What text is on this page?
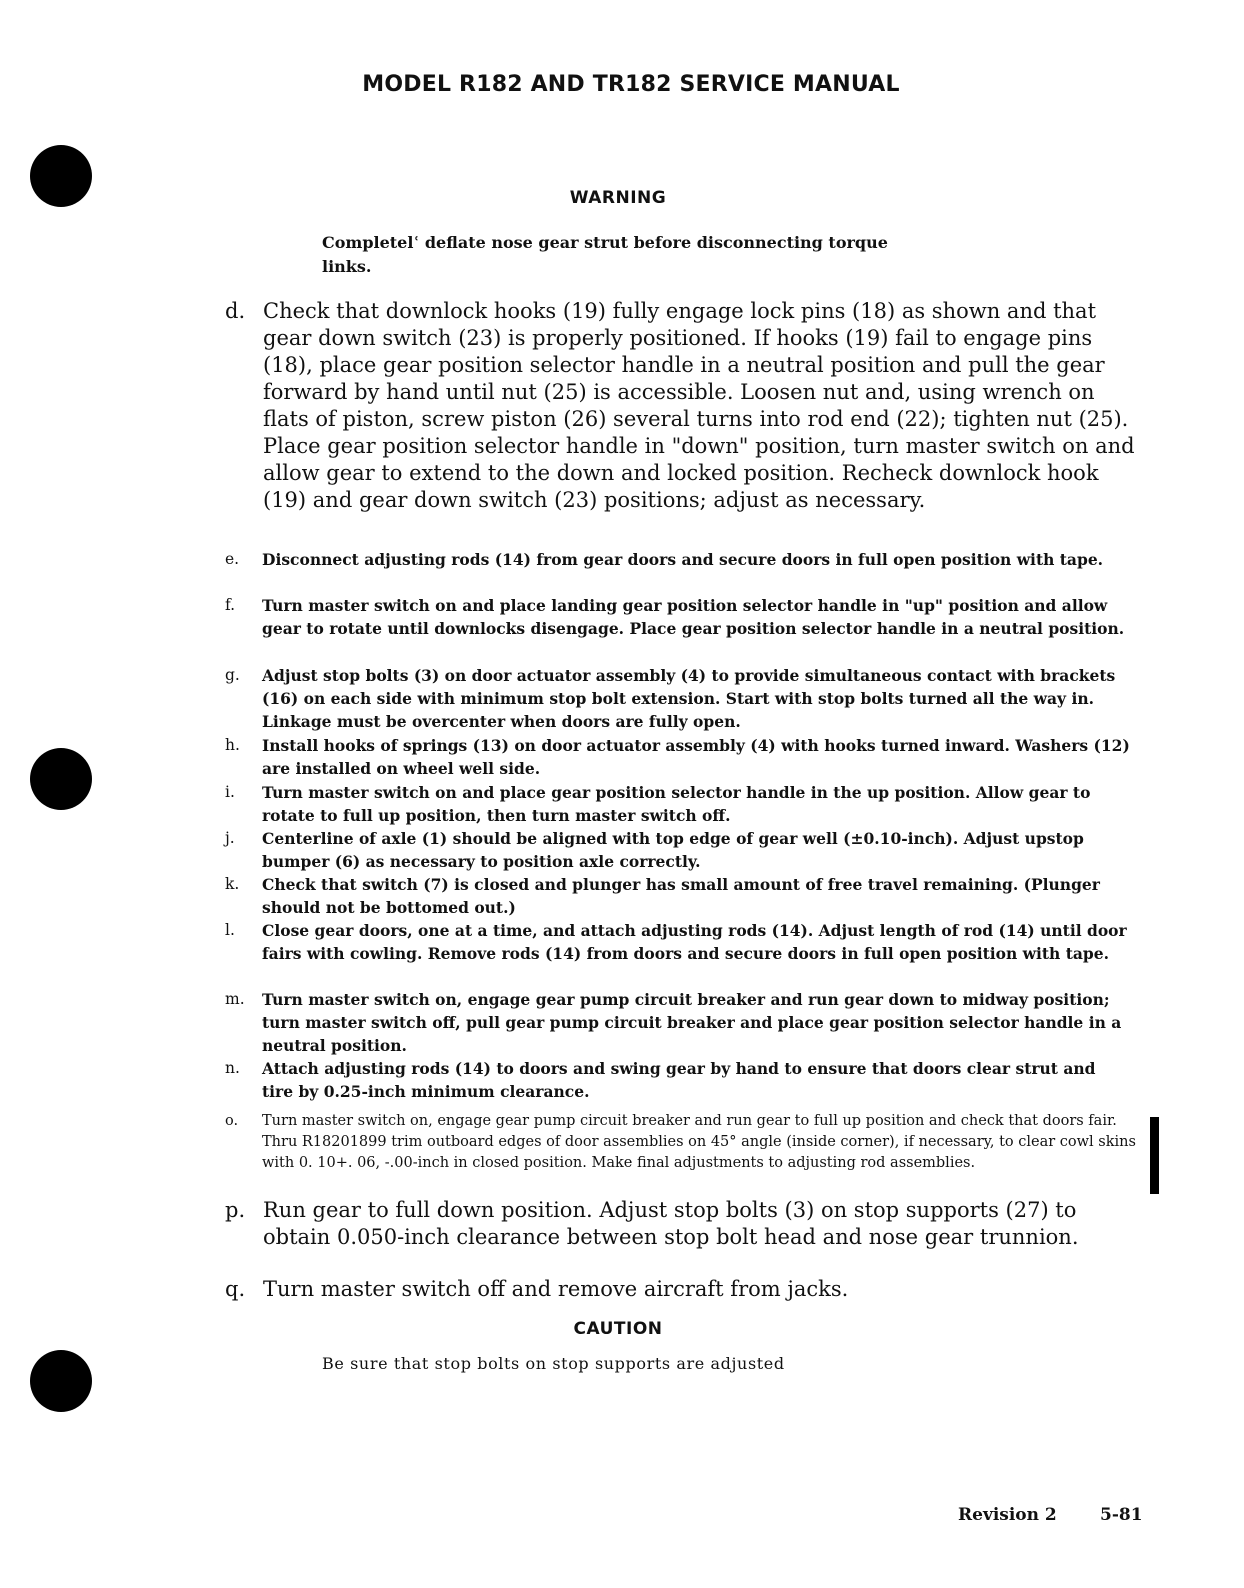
MODEL R182 AND TR182 SERVICE MANUAL
WARNING
Completelʿ deflate nose gear strut before disconnecting torque links.
d. Check that downlock hooks (19) fully engage lock pins (18) as shown and that gear down switch (23) is properly positioned. If hooks (19) fail to engage pins (18), place gear position selector handle in a neutral position and pull the gear forward by hand until nut (25) is accessible. Loosen nut and, using wrench on flats of piston, screw piston (26) several turns into rod end (22); tighten nut (25). Place gear position selector handle in "down" position, turn master switch on and allow gear to extend to the down and locked position. Recheck downlock hook (19) and gear down switch (23) positions; adjust as necessary.
e.	Disconnect adjusting rods (14) from gear doors and secure doors in full open position with tape.
f.	Turn master switch on and place landing gear position selector handle in "up" position and allow gear to rotate until downlocks disengage. Place gear position selector handle in a neutral position.
g.	Adjust stop bolts (3) on door actuator assembly (4) to provide simultaneous contact with brackets (16) on each side with minimum stop bolt extension. Start with stop bolts turned all the way in. Linkage must be overcenter when doors are fully open.
h.	Install hooks of springs (13) on door actuator assembly (4) with hooks turned inward. Washers (12) are installed on wheel well side.
i.	Turn master switch on and place gear position selector handle in the up position. Allow gear to rotate to full up position, then turn master switch off.
j.	Centerline of axle (1) should be aligned with top edge of gear well (±0.10-inch). Adjust upstop bumper (6) as necessary to position axle correctly.
k.	Check that switch (7) is closed and plunger has small amount of free travel remaining. (Plunger should not be bottomed out.)
l.	Close gear doors, one at a time, and attach adjusting rods (14). Adjust length of rod (14) until door fairs with cowling. Remove rods (14) from doors and secure doors in full open position with tape.
m.	Turn master switch on, engage gear pump circuit breaker and run gear down to midway position; turn master switch off, pull gear pump circuit breaker and place gear position selector handle in a neutral position.
n.	Attach adjusting rods (14) to doors and swing gear by hand to ensure that doors clear strut and tire by 0.25-inch minimum clearance.
o.	Turn master switch on, engage gear pump circuit breaker and run gear to full up position and check that doors fair. Thru R18201899 trim outboard edges of door assemblies on 45° angle (inside corner), if necessary, to clear cowl skins with 0. 10+. 06, -.00-inch in closed position. Make final adjustments to adjusting rod assemblies.
p. Run gear to full down position. Adjust stop bolts (3) on stop supports (27) to obtain 0.050-inch clearance between stop bolt head and nose gear trunnion.
q. Turn master switch off and remove aircraft from jacks.
CAUTION
Be sure that stop bolts on stop supports are adjusted
Revision 2	5-81
